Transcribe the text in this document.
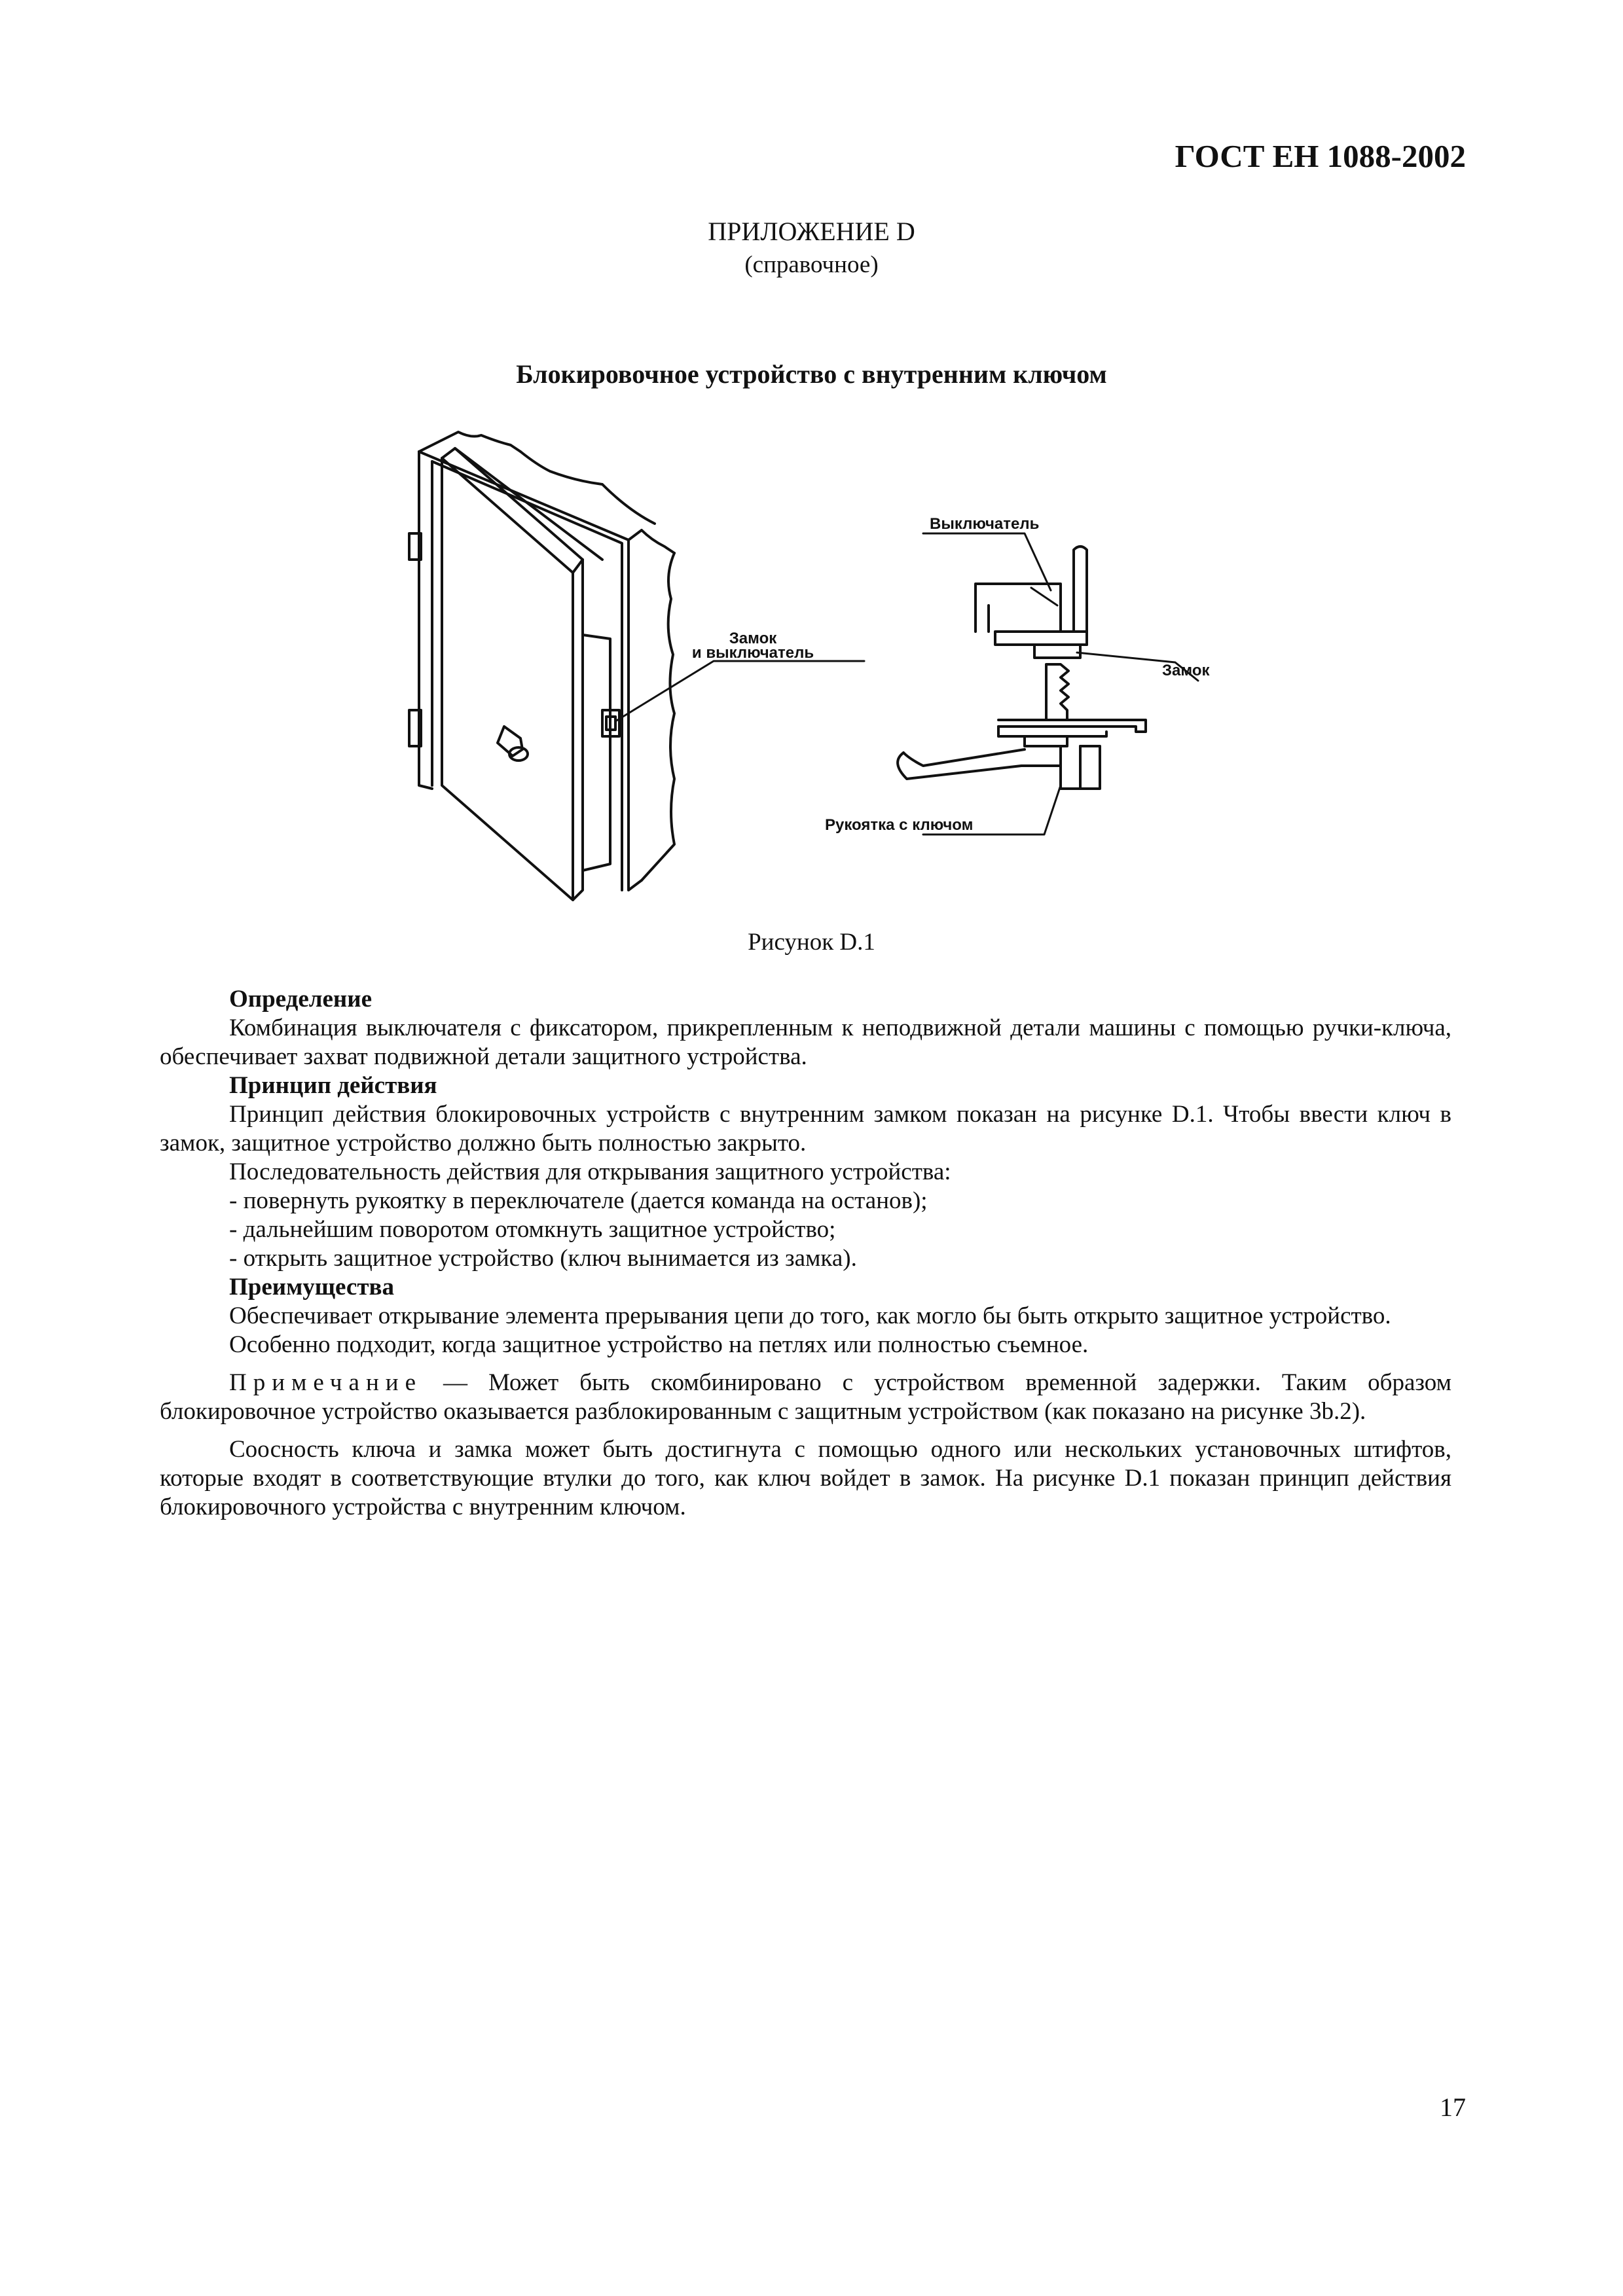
ГОСТ ЕН 1088-2002
ПРИЛОЖЕНИЕ D
(справочное)
Блокировочное устройство с внутренним ключом
Замок
и выключатель
Выключатель
Замок
Рукоятка с ключом
Рисунок D.1

Определение

Комбинация выключателя с фиксатором, прикрепленным к неподвижной детали машины с помощью ручки-ключа, обеспечивает захват подвижной детали защитного устройства.

Принцип действия

Принцип действия блокировочных устройств с внутренним замком показан на рисунке D.1. Чтобы ввести ключ в замок, защитное устройство должно быть полностью закрыто.

Последовательность действия для открывания защитного устройства:

- повернуть рукоятку в переключателе (дается команда на останов);

- дальнейшим поворотом отомкнуть защитное устройство;

- открыть защитное устройство (ключ вынимается из замка).

Преимущества

Обеспечивает открывание элемента прерывания цепи до того, как могло бы быть открыто защитное устройство.

Особенно подходит, когда защитное устройство на петлях или полностью съемное.

Примечание — Может быть скомбинировано с устройством временной задержки. Таким образом блокировочное устройство оказывается разблокированным с защитным устройством (как показано на рисунке 3b.2).

Соосность ключа и замка может быть достигнута с помощью одного или нескольких установочных штифтов, которые входят в соответствующие втулки до того, как ключ войдет в замок. На рисунке D.1 показан принцип действия блокировочного устройства с внутренним ключом.

17
